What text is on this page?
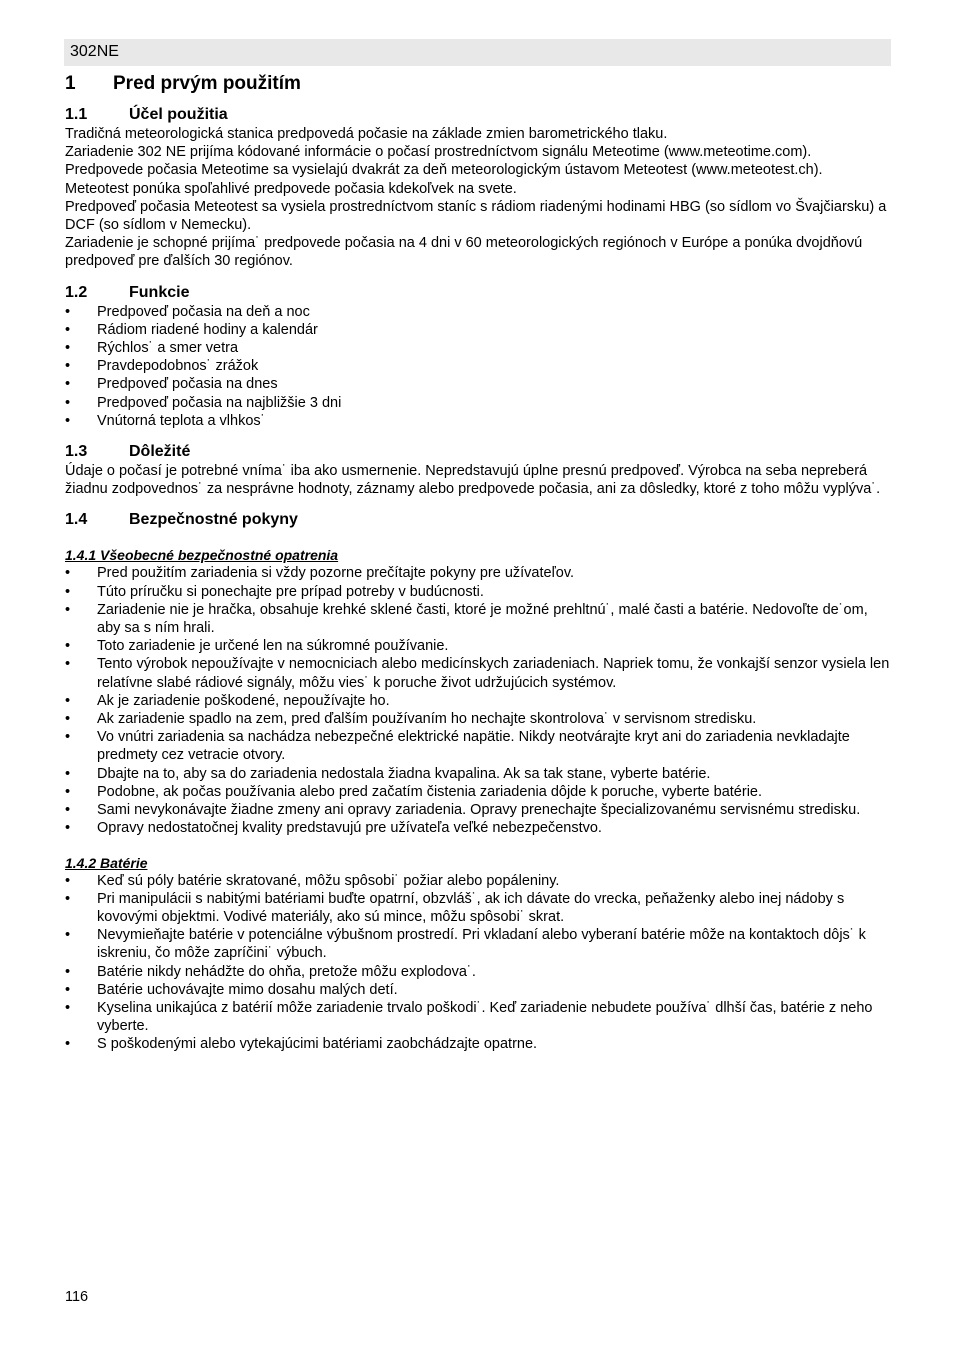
302NE
1 Pred prvým použitím
1.1	Účel použitia

Tradičná meteorologická stanica predpovedá počasie na základe zmien barometrického tlaku.

Zariadenie 302 NE prijíma kódované informácie o počasí prostredníctvom signálu Meteotime (www.meteotime.com).

Predpovede počasia Meteotime sa vysielajú dvakrát za deň meteorologickým ústavom Meteotest (www.meteotest.ch).

Meteotest ponúka spoľahlivé predpovede počasia kdekoľvek na svete.

Predpoveď počasia Meteotest sa vysiela prostredníctvom staníc s rádiom riadenými hodinami HBG (so sídlom vo Švajčiarsku) a DCF (so sídlom v Nemecku).

Zariadenie je schopné prijíma˙ predpovede počasia na 4 dni v 60 meteorologických regiónoch v Európe a ponúka dvojdňovú predpoveď pre ďalších 30 regiónov.

1.2	Funkcie
• Predpoveď počasia na deň a noc
• Rádiom riadené hodiny a kalendár
• Rýchlos˙ a smer vetra
• Pravdepodobnos˙ zrážok
• Predpoveď počasia na dnes
• Predpoveď počasia na najbližšie 3 dni
• Vnútorná teplota a vlhkos˙
1.3	Dôležité

Údaje o počasí je potrebné vníma˙ iba ako usmernenie. Nepredstavujú úplne presnú predpoveď. Výrobca na seba nepreberá žiadnu zodpovednos˙ za nesprávne hodnoty, záznamy alebo predpovede počasia, ani za dôsledky, ktoré z toho môžu vyplýva˙.

1.4	Bezpečnostné pokyny
1.4.1 Všeobecné bezpečnostné opatrenia
• Pred použitím zariadenia si vždy pozorne prečítajte pokyny pre užívateľov.
• Túto príručku si ponechajte pre prípad potreby v budúcnosti.
• Zariadenie nie je hračka, obsahuje krehké sklené časti, ktoré je možné prehltnú˙, malé časti a batérie. Nedovoľte de˙om, aby sa s ním hrali.
• Toto zariadenie je určené len na súkromné používanie.
• Tento výrobok nepoužívajte v nemocniciach alebo medicínskych zariadeniach. Napriek tomu, že vonkajší senzor vysiela len relatívne slabé rádiové signály, môžu vies˙ k poruche život udržujúcich systémov.
• Ak je zariadenie poškodené, nepoužívajte ho.
• Ak zariadenie spadlo na zem, pred ďalším používaním ho nechajte skontrolova˙ v servisnom stredisku.
• Vo vnútri zariadenia sa nachádza nebezpečné elektrické napätie. Nikdy neotvárajte kryt ani do zariadenia nevkladajte predmety cez vetracie otvory.
• Dbajte na to, aby sa do zariadenia nedostala žiadna kvapalina. Ak sa tak stane, vyberte batérie.
• Podobne, ak počas používania alebo pred začatím čistenia zariadenia dôjde k poruche, vyberte batérie.
• Sami nevykonávajte žiadne zmeny ani opravy zariadenia. Opravy prenechajte špecializovanému servisnému stredisku.
• Opravy nedostatočnej kvality predstavujú pre užívateľa veľké nebezpečenstvo.
1.4.2 Batérie
• Keď sú póly batérie skratované, môžu spôsobi˙ požiar alebo popáleniny.
• Pri manipulácii s nabitými batériami buďte opatrní, obzvláš˙, ak ich dávate do vrecka, peňaženky alebo inej nádoby s kovovými objektmi. Vodivé materiály, ako sú mince, môžu spôsobi˙ skrat.
• Nevymieňajte batérie v potenciálne výbušnom prostredí. Pri vkladaní alebo vyberaní batérie môže na kontaktoch dôjs˙ k iskreniu, čo môže zapríčini˙ výbuch.
• Batérie nikdy nehádžte do ohňa, pretože môžu explodova˙.
• Batérie uchovávajte mimo dosahu malých detí.
• Kyselina unikajúca z batérií môže zariadenie trvalo poškodi˙. Keď zariadenie nebudete používa˙ dlhší čas, batérie z neho vyberte.
• S poškodenými alebo vytekajúcimi batériami zaobchádzajte opatrne.
116
